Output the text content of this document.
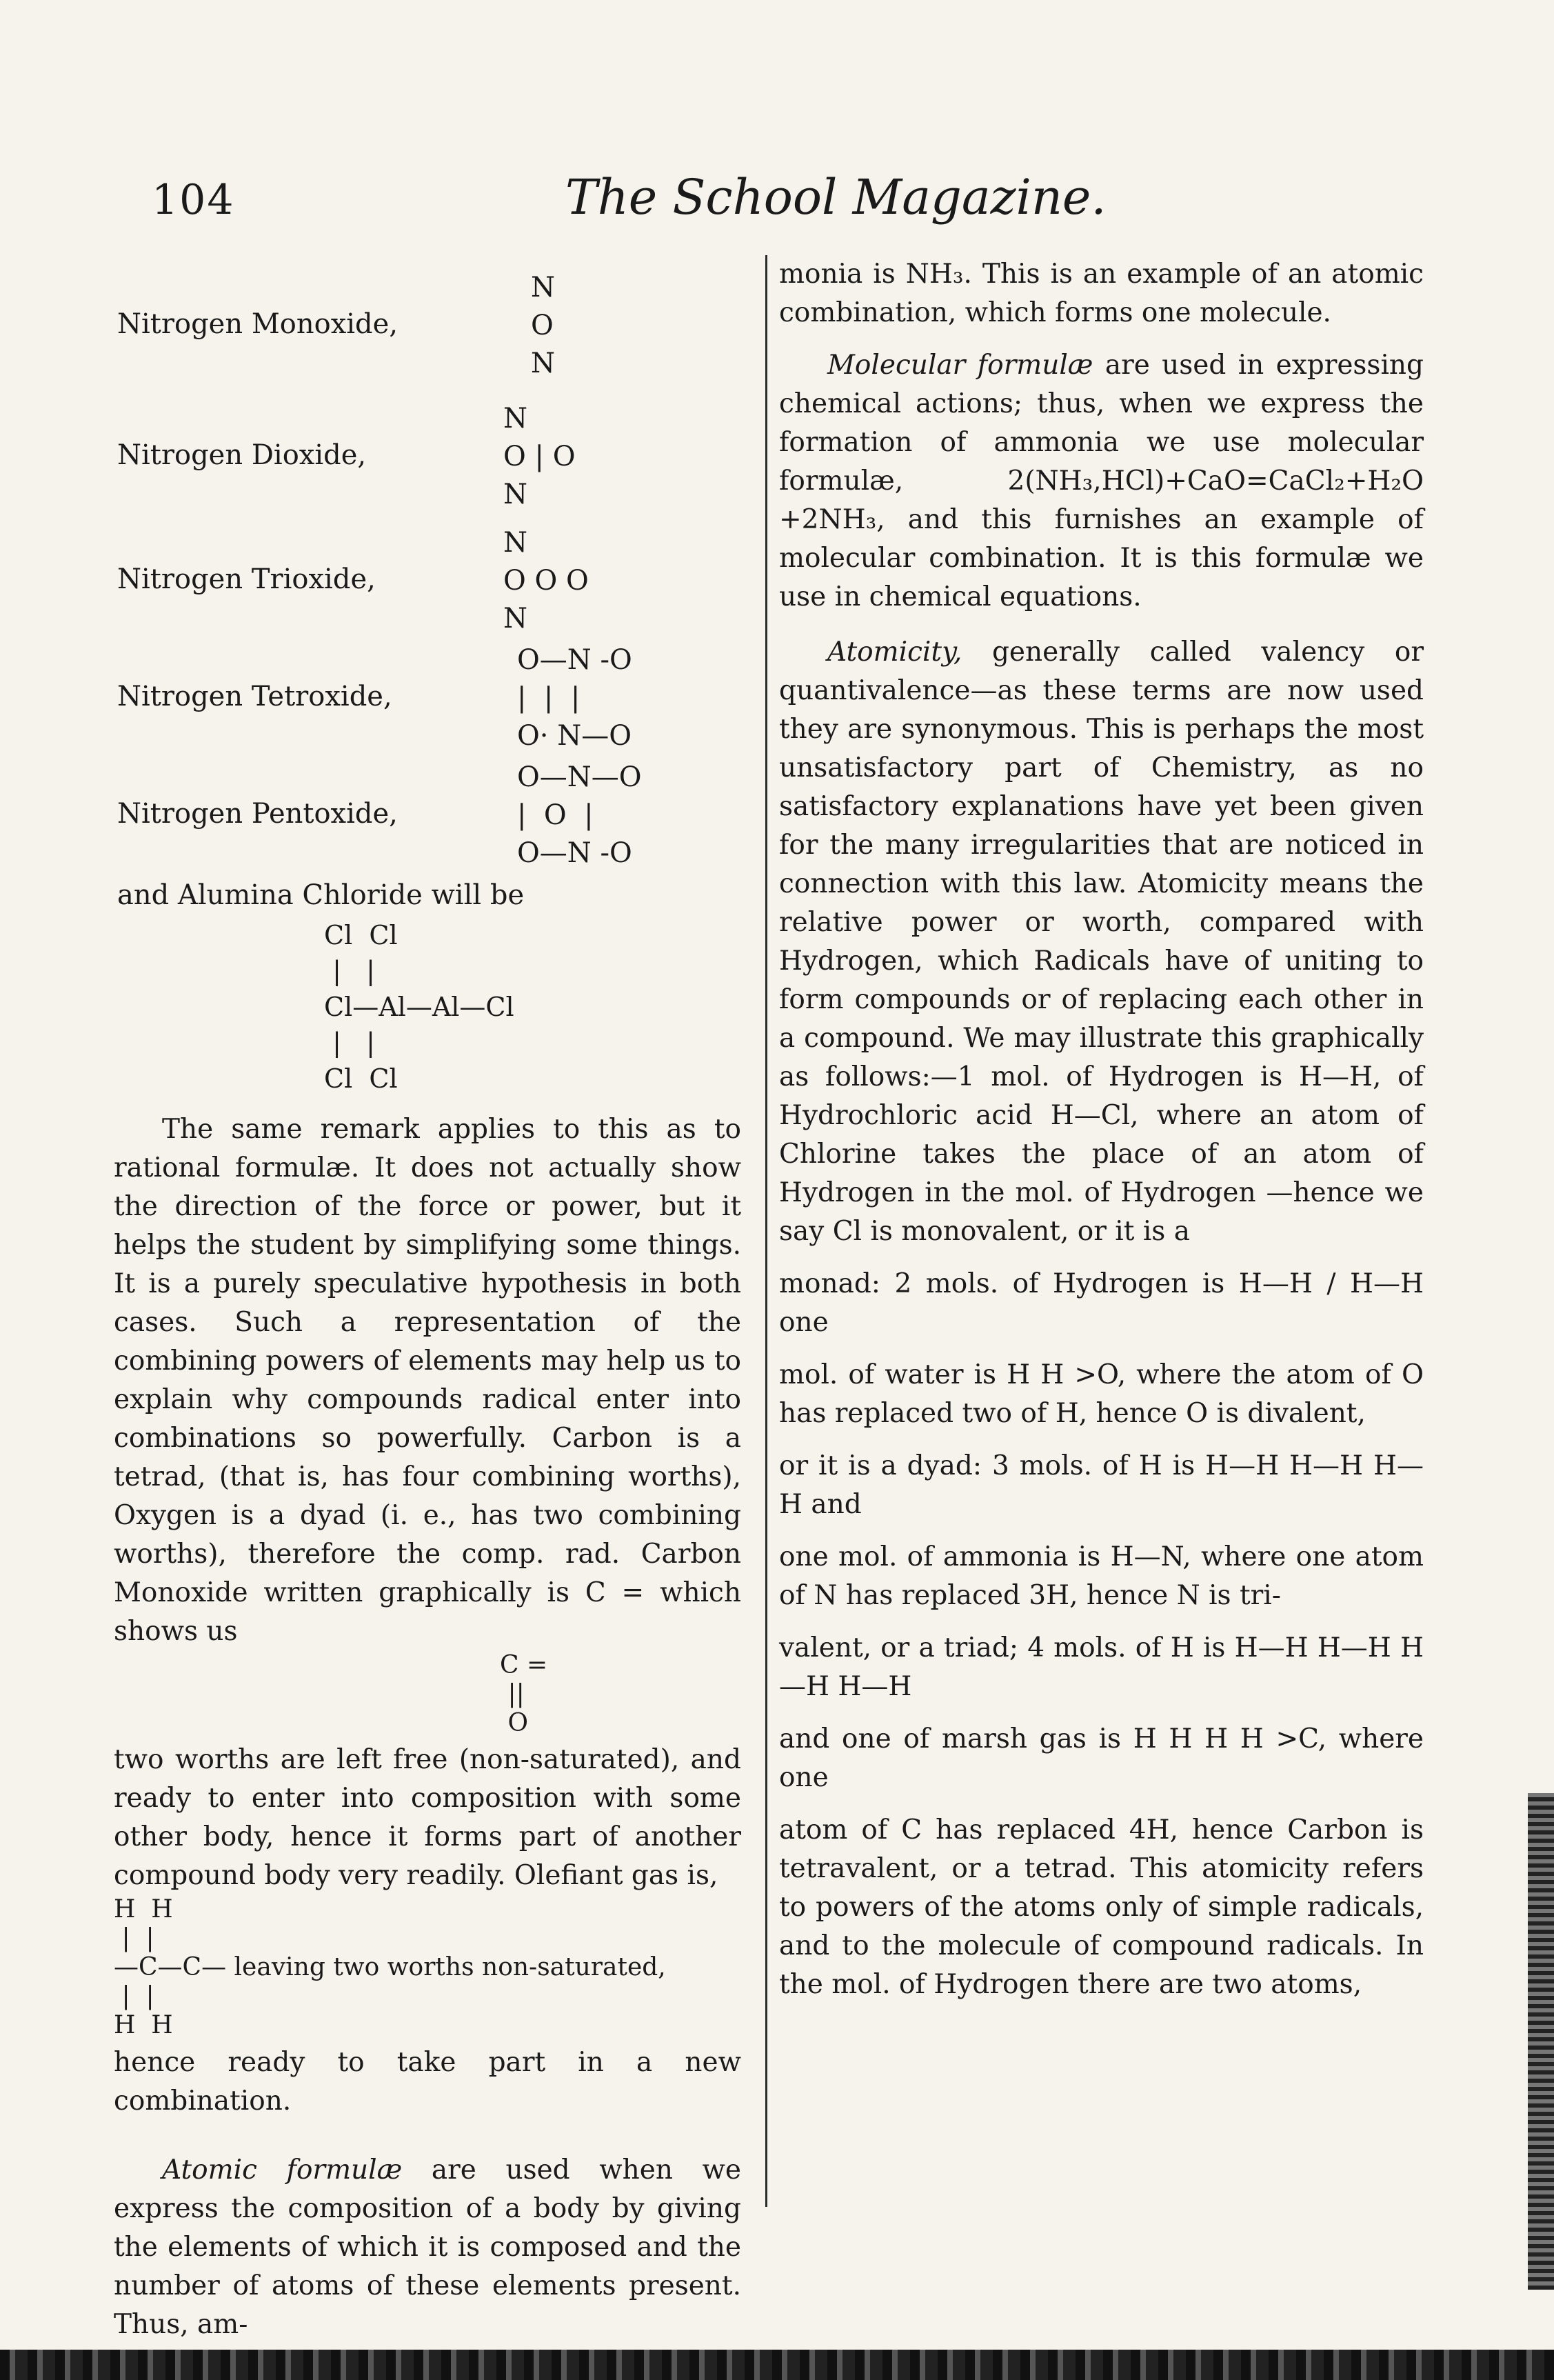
104	The School Magazine.
Nitrogen Monoxide,
N
O
N
Nitrogen Dioxide,
N
O | O
N
Nitrogen Trioxide,
N
O O O
N
Nitrogen Tetroxide,
O—N -O
|  |  |
O· N—O
Nitrogen Pentoxide,
O—N—O
|  O  |
O—N -O
and Alumina Chloride will be
Cl  Cl
|   |
Cl—Al—Al—Cl
|   |
Cl  Cl

The same remark applies to this as to rational formulæ. It does not actually show the direction of the force or power, but it helps the student by simplifying some things. It is a purely speculative hypothesis in both cases. Such a representation of the combining powers of elements may help us to explain why compounds radical enter into combinations so powerfully. Carbon is a tetrad, (that is, has four combining worths), Oxygen is a dyad (i. e., has two combining worths), therefore the comp. rad. Carbon Monoxide written graphically is C = which shows us

C =
||
O

two worths are left free (non-saturated), and ready to enter into composition with some other body, hence it forms part of another compound body very readily. Olefiant gas is,

H  H
|  |
—C—C— leaving two worths non-saturated,
|  |
H  H

hence ready to take part in a new combination.

Atomic formulæ are used when we express the composition of a body by giving the elements of which it is composed and the number of atoms of these elements present. Thus, am-

monia is NH₃. This is an example of an atomic combination, which forms one molecule.

Molecular formulæ are used in expressing chemical actions; thus, when we express the formation of ammonia we use molecular formulæ, 2(NH₃,HCl)+CaO=CaCl₂+H₂O +2NH₃, and this furnishes an example of molecular combination. It is this formulæ we use in chemical equations.

Atomicity, generally called valency or quantivalence—as these terms are now used they are synonymous. This is perhaps the most unsatisfactory part of Chemistry, as no satisfactory explanations have yet been given for the many irregularities that are noticed in connection with this law. Atomicity means the relative power or worth, compared with Hydrogen, which Radicals have of uniting to form compounds or of replacing each other in a compound. We may illustrate this graphically as follows:—1 mol. of Hydrogen is H—H, of Hydrochloric acid H—Cl, where an atom of Chlorine takes the place of an atom of Hydrogen in the mol. of Hydrogen —hence we say Cl is monovalent, or it is a

monad: 2 mols. of Hydrogen is H—H / H—H one

mol. of water is H H >O, where the atom of O has replaced two of H, hence O is divalent,

or it is a dyad: 3 mols. of H is H—H H—H H—H and

one mol. of ammonia is H—N, where one atom of N has replaced 3H, hence N is tri-

valent, or a triad; 4 mols. of H is H—H H—H H—H H—H

and one of marsh gas is H H H H >C, where one

atom of C has replaced 4H, hence Carbon is tetravalent, or a tetrad. This atomicity refers to powers of the atoms only of simple radicals, and to the molecule of compound radicals. In the mol. of Hydrogen there are two atoms,
